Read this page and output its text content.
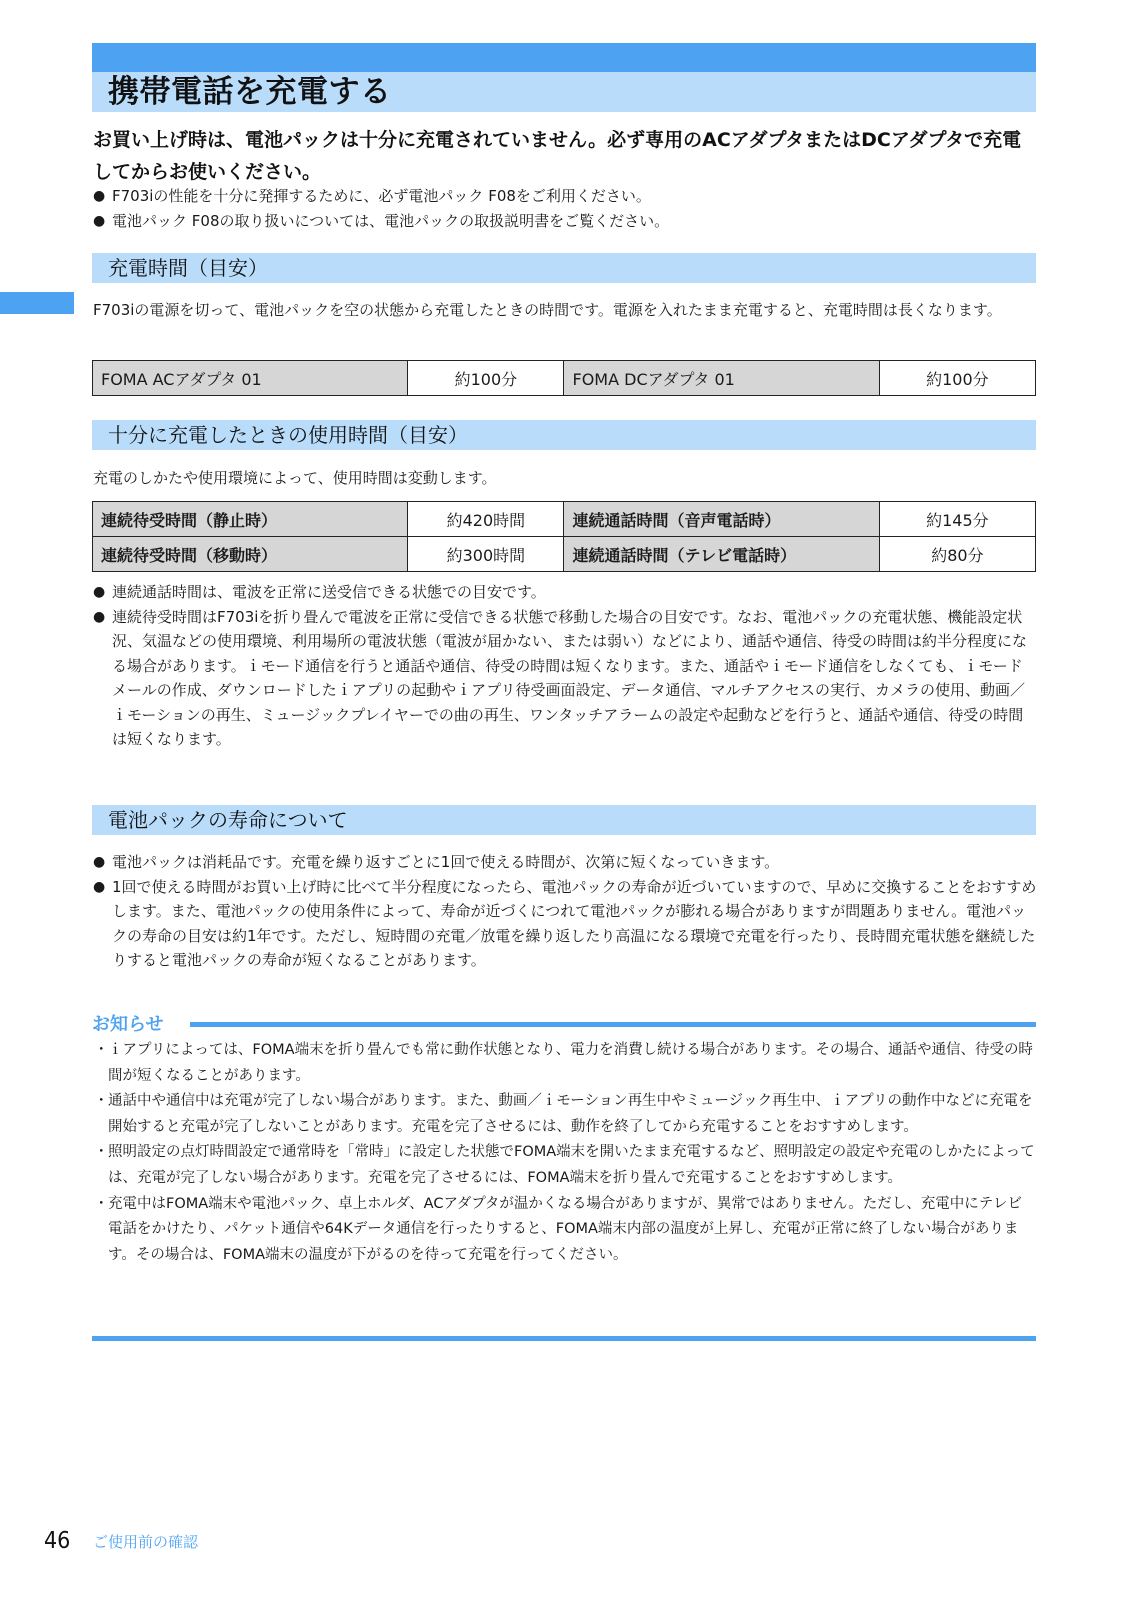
携帯電話を充電する
お買い上げ時は、電池パックは十分に充電されていません。必ず専用のACアダプタまたはDCアダプタで充電してからお使いください。
● F703iの性能を十分に発揮するために、必ず電池パック F08をご利用ください。
● 電池パック F08の取り扱いについては、電池パックの取扱説明書をご覧ください。
充電時間（目安）
F703iの電源を切って、電池パックを空の状態から充電したときの時間です。電源を入れたまま充電すると、充電時間は長くなります。
FOMA ACアダプタ 01	約100分	FOMA DCアダプタ 01	約100分
十分に充電したときの使用時間（目安）
充電のしかたや使用環境によって、使用時間は変動します。
連続待受時間（静止時）	約420時間	連続通話時間（音声電話時）	約145分
連続待受時間（移動時）	約300時間	連続通話時間（テレビ電話時）	約80分
● 連続通話時間は、電波を正常に送受信できる状態での目安です。
● 連続待受時間はF703iを折り畳んで電波を正常に受信できる状態で移動した場合の目安です。なお、電池パックの充電状態、機能設定状況、気温などの使用環境、利用場所の電波状態（電波が届かない、または弱い）などにより、通話や通信、待受の時間は約半分程度になる場合があります。ｉモード通信を行うと通話や通信、待受の時間は短くなります。また、通話やｉモード通信をしなくても、ｉモードメールの作成、ダウンロードしたｉアプリの起動やｉアプリ待受画面設定、データ通信、マルチアクセスの実行、カメラの使用、動画／ｉモーションの再生、ミュージックプレイヤーでの曲の再生、ワンタッチアラームの設定や起動などを行うと、通話や通信、待受の時間は短くなります。
電池パックの寿命について
● 電池パックは消耗品です。充電を繰り返すごとに1回で使える時間が、次第に短くなっていきます。
● 1回で使える時間がお買い上げ時に比べて半分程度になったら、電池パックの寿命が近づいていますので、早めに交換することをおすすめします。また、電池パックの使用条件によって、寿命が近づくにつれて電池パックが膨れる場合がありますが問題ありません。電池パックの寿命の目安は約1年です。ただし、短時間の充電／放電を繰り返したり高温になる環境で充電を行ったり、長時間充電状態を継続したりすると電池パックの寿命が短くなることがあります。
お知らせ
・ ｉアプリによっては、FOMA端末を折り畳んでも常に動作状態となり、電力を消費し続ける場合があります。その場合、通話や通信、待受の時間が短くなることがあります。
・ 通話中や通信中は充電が完了しない場合があります。また、動画／ｉモーション再生中やミュージック再生中、ｉアプリの動作中などに充電を開始すると充電が完了しないことがあります。充電を完了させるには、動作を終了してから充電することをおすすめします。
・ 照明設定の点灯時間設定で通常時を「常時」に設定した状態でFOMA端末を開いたまま充電するなど、照明設定の設定や充電のしかたによっては、充電が完了しない場合があります。充電を完了させるには、FOMA端末を折り畳んで充電することをおすすめします。
・ 充電中はFOMA端末や電池パック、卓上ホルダ、ACアダプタが温かくなる場合がありますが、異常ではありません。ただし、充電中にテレビ電話をかけたり、パケット通信や64Kデータ通信を行ったりすると、FOMA端末内部の温度が上昇し、充電が正常に終了しない場合があります。その場合は、FOMA端末の温度が下がるのを待って充電を行ってください。
46 ご使用前の確認
